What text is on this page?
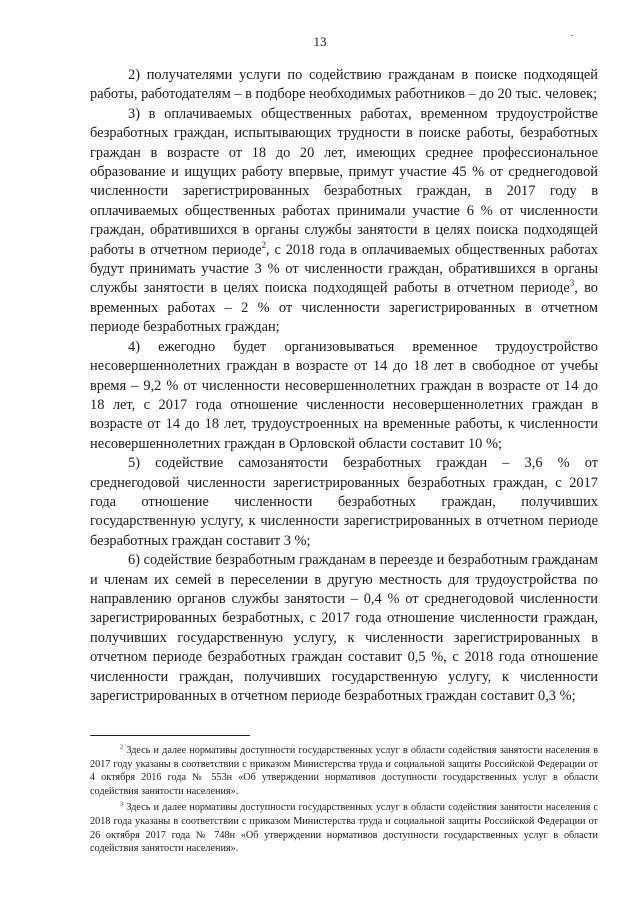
13	-

2) получателями услуги по содействию гражданам в поиске подходящей работы, работодателям – в подборе необходимых работников – до 20 тыс. человек;

3) в оплачиваемых общественных работах, временном трудоустройстве безработных граждан, испытывающих трудности в поиске работы, безработных граждан в возрасте от 18 до 20 лет, имеющих среднее профессиональное образование и ищущих работу впервые, примут участие 45 % от среднегодовой численности зарегистрированных безработных граждан, в 2017 году в оплачиваемых общественных работах принимали участие 6 % от численности граждан, обратившихся в органы службы занятости в целях поиска подходящей работы в отчетном периоде$^2$, с 2018 года в оплачиваемых общественных работах будут принимать участие 3 % от численности граждан, обратившихся в органы службы занятости в целях поиска подходящей работы в отчетном периоде$^3$, во временных работах – 2 % от численности зарегистрированных в отчетном периоде безработных граждан;

4) ежегодно будет организовываться временное трудоустройство несовершеннолетних граждан в возрасте от 14 до 18 лет в свободное от учебы время – 9,2 % от численности несовершеннолетних граждан в возрасте от 14 до 18 лет, с 2017 года отношение численности несовершеннолетних граждан в возрасте от 14 до 18 лет, трудоустроенных на временные работы, к численности несовершеннолетних граждан в Орловской области составит 10 %;

5) содействие самозанятости безработных граждан – 3,6 % от среднегодовой численности зарегистрированных безработных граждан, с 2017 года отношение численности безработных граждан, получивших государственную услугу, к численности зарегистрированных в отчетном периоде безработных граждан составит 3 %;

6) содействие безработным гражданам в переезде и безработным гражданам и членам их семей в переселении в другую местность для трудоустройства по направлению органов службы занятости – 0,4 % от среднегодовой численности зарегистрированных безработных, с 2017 года отношение численности граждан, получивших государственную услугу, к численности зарегистрированных в отчетном периоде безработных граждан составит 0,5 %, с 2018 года отношение численности граждан, получивших государственную услугу, к численности зарегистрированных в отчетном периоде безработных граждан составит 0,3 %;

$^2$ Здесь и далее нормативы доступности государственных услуг в области содействия занятости населения в 2017 году указаны в соответствии с приказом Министерства труда и социальной защиты Российской Федерации от 4 октября 2016 года № 553н «Об утверждении нормативов доступности государственных услуг в области содействия занятости населения».

$^3$ Здесь и далее нормативы доступности государственных услуг в области содействия занятости населения с 2018 года указаны в соответствии с приказом Министерства труда и социальной защиты Российской Федерации от 26 октября 2017 года № 748н «Об утверждении нормативов доступности государственных услуг в области содействия занятости населения».
